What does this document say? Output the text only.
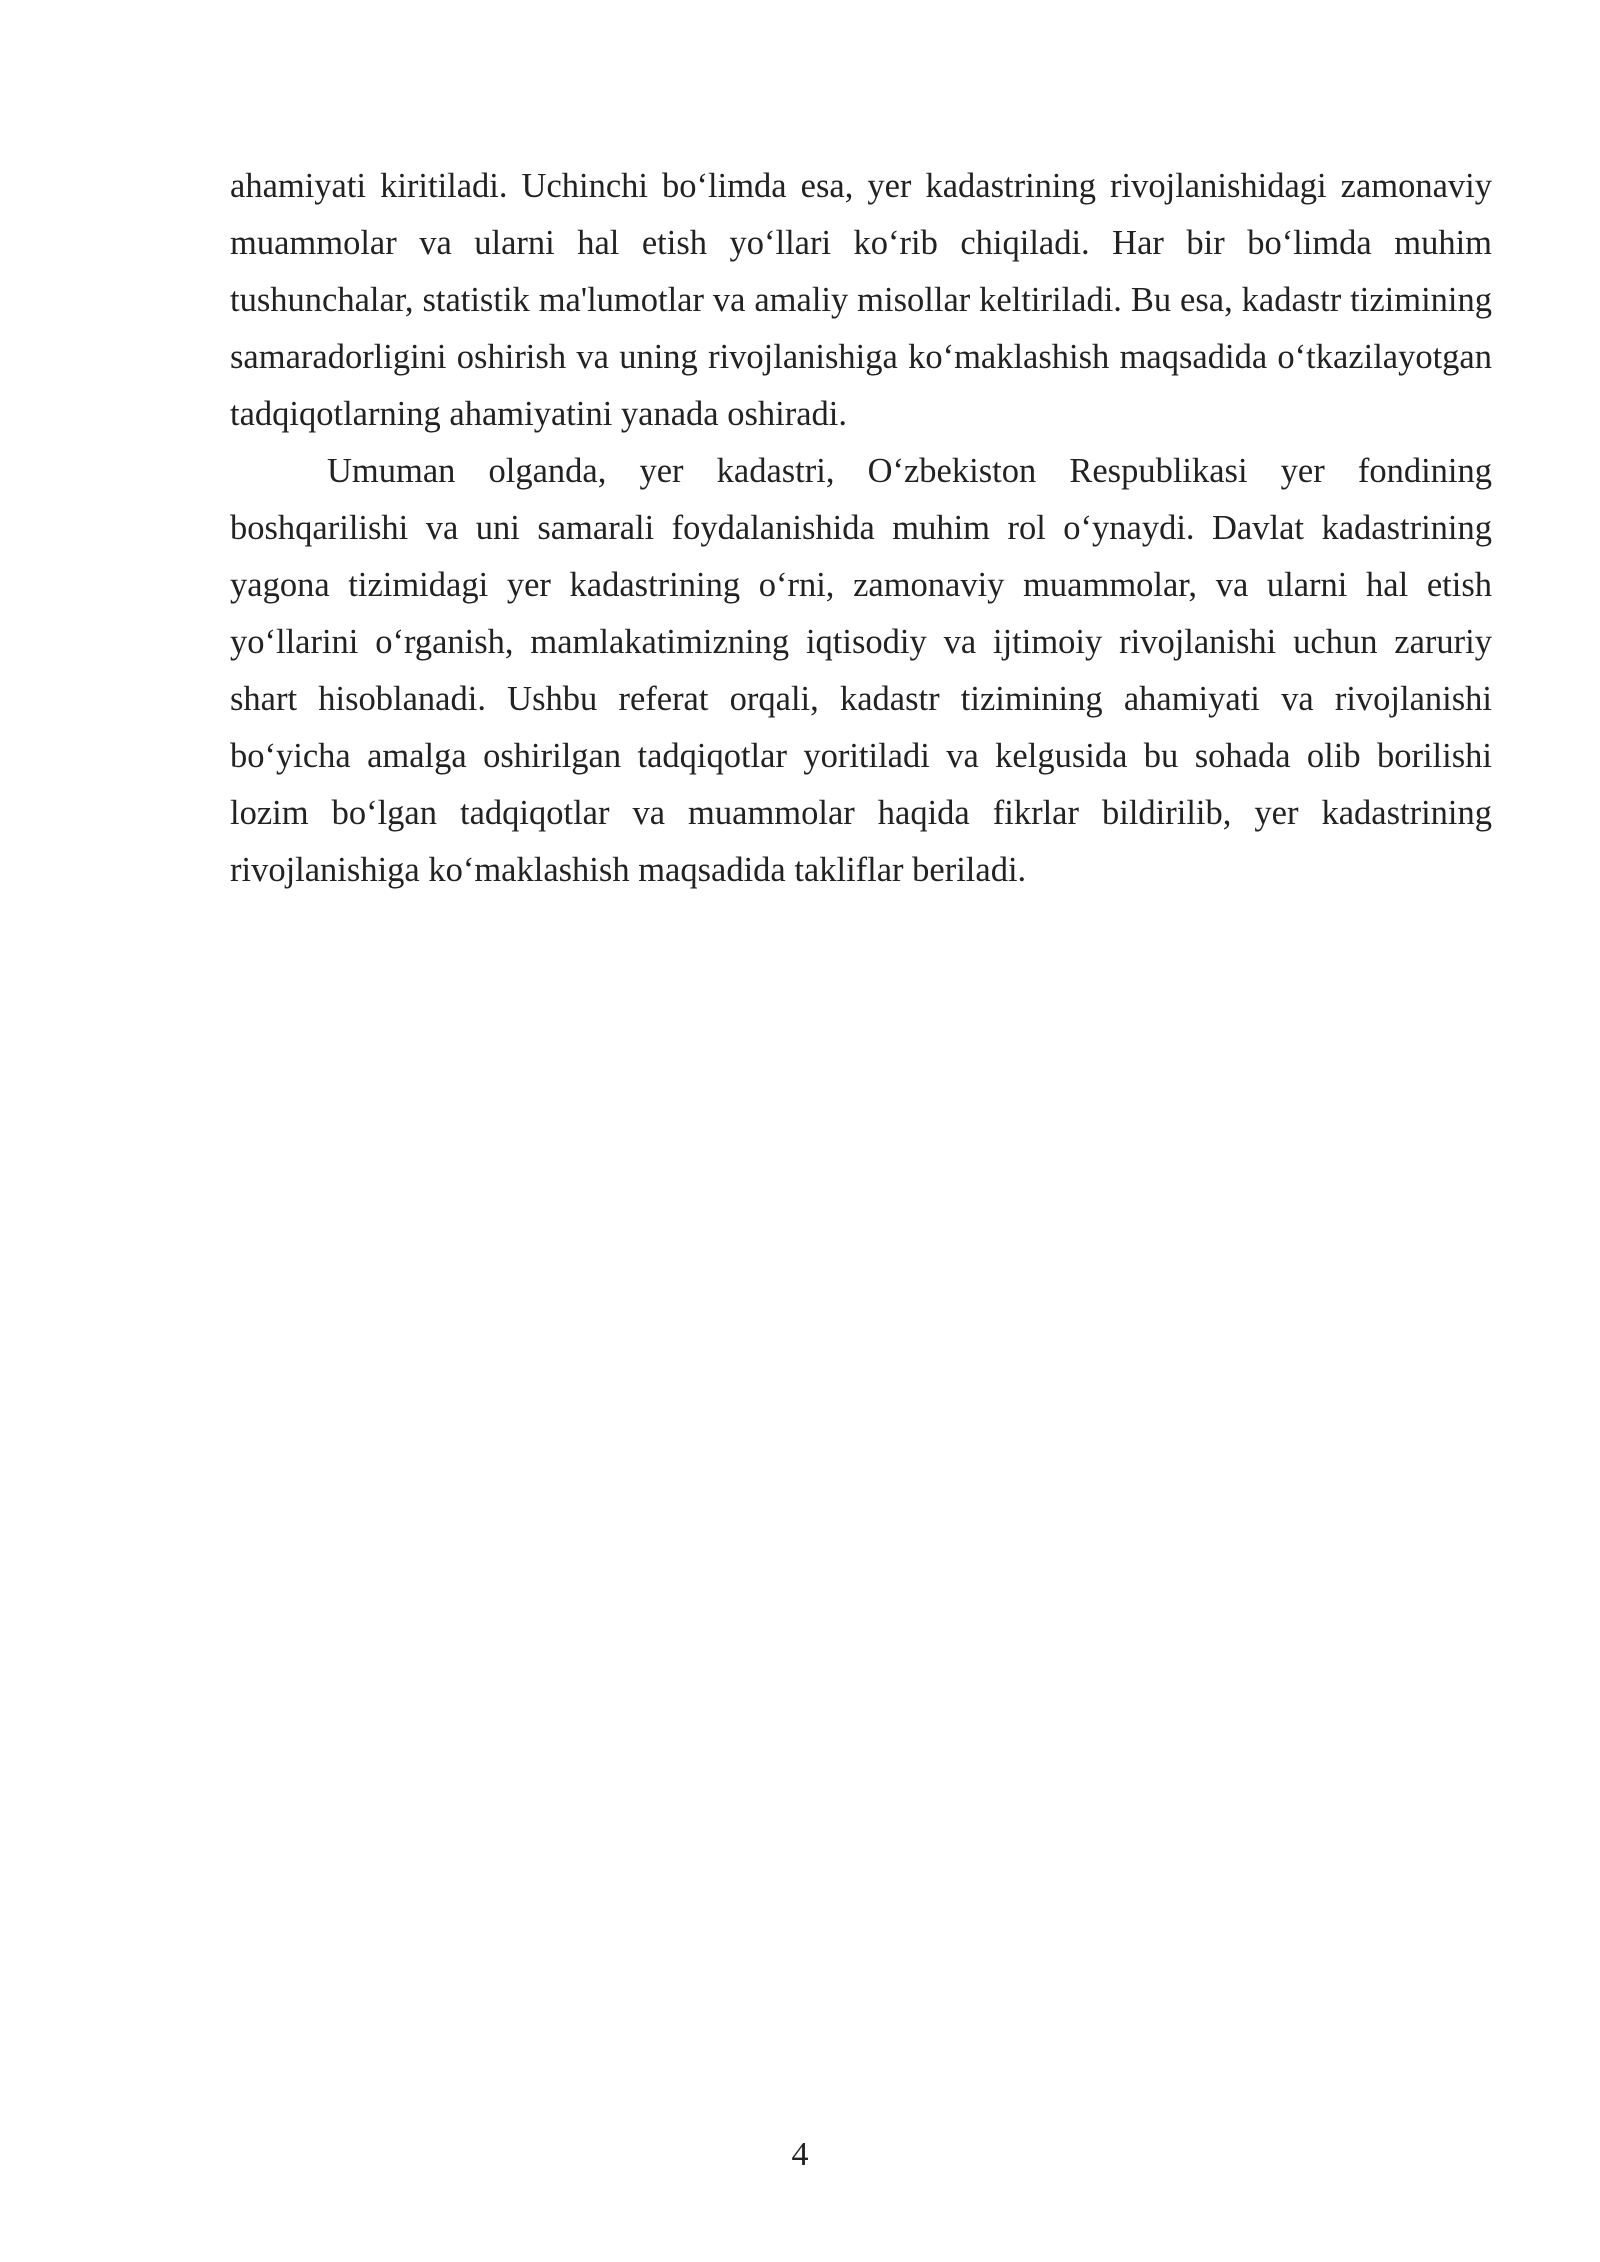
ahamiyati kiritiladi. Uchinchi bo‘limda esa, yer kadastrining rivojlanishidagi zamonaviy muammolar va ularni hal etish yo‘llari ko‘rib chiqiladi. Har bir bo‘limda muhim tushunchalar, statistik ma'lumotlar va amaliy misollar keltiriladi. Bu esa, kadastr tizimining samaradorligini oshirish va uning rivojlanishiga ko‘maklashish maqsadida o‘tkazilayotgan tadqiqotlarning ahamiyatini yanada oshiradi.

Umuman olganda, yer kadastri, O‘zbekiston Respublikasi yer fondining boshqarilishi va uni samarali foydalanishida muhim rol o‘ynaydi. Davlat kadastrining yagona tizimidagi yer kadastrining o‘rni, zamonaviy muammolar, va ularni hal etish yo‘llarini o‘rganish, mamlakatimizning iqtisodiy va ijtimoiy rivojlanishi uchun zaruriy shart hisoblanadi. Ushbu referat orqali, kadastr tizimining ahamiyati va rivojlanishi bo‘yicha amalga oshirilgan tadqiqotlar yoritiladi va kelgusida bu sohada olib borilishi lozim bo‘lgan tadqiqotlar va muammolar haqida fikrlar bildirilib, yer kadastrining rivojlanishiga ko‘maklashish maqsadida takliflar beriladi.

4
